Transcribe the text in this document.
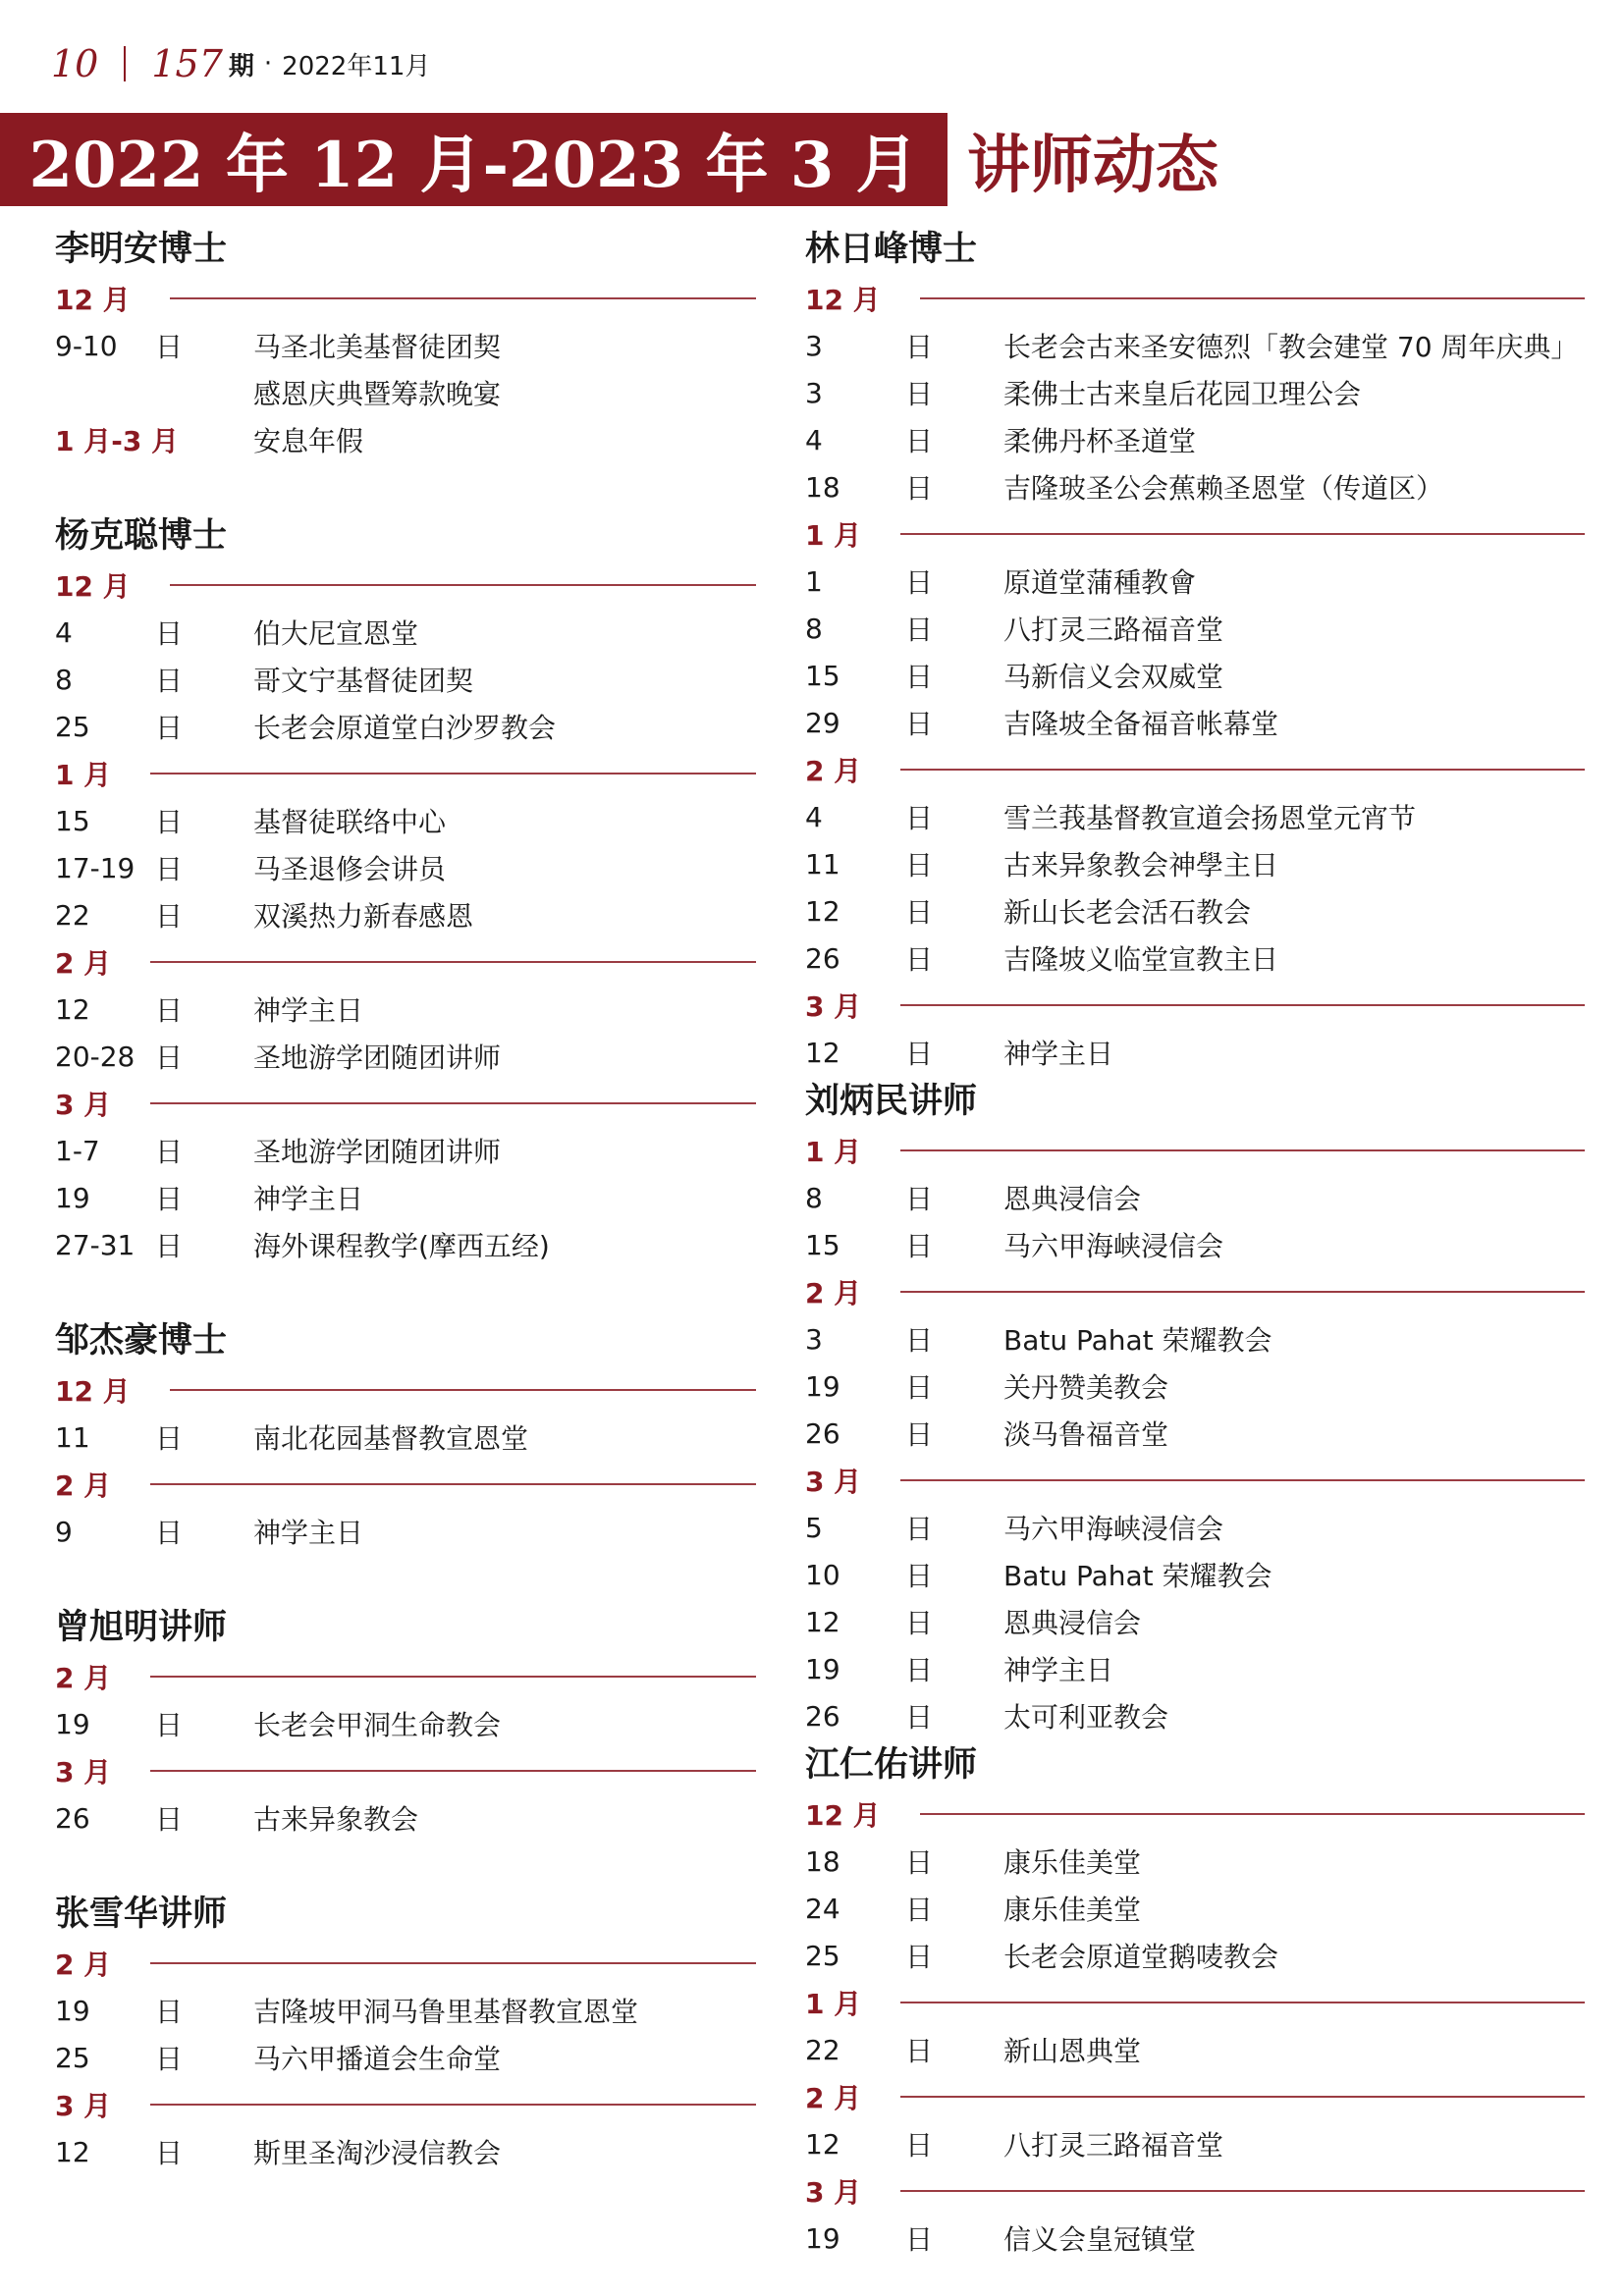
10 157 期 · 2022年11月
2022 年 12 月-2023 年 3 月 讲师动态
李明安博士
12 月
9-10	日	马圣北美基督徒团契
感恩庆典暨筹款晚宴
1 月-3 月	安息年假
杨克聪博士
12 月
4	日	伯大尼宣恩堂
8	日	哥文宁基督徒团契
25	日	长老会原道堂白沙罗教会
1 月
15	日	基督徒联络中心
17-19 日	马圣退修会讲员
22	日	双溪热力新春感恩
2 月
12	日	神学主日
20-28 日	圣地游学团随团讲师
3 月
1-7	日	圣地游学团随团讲师
19	日	神学主日
27-31 日	海外课程教学(摩西五经)
邹杰豪博士
12 月
11	日	南北花园基督教宣恩堂
2 月
9	日	神学主日
曾旭明讲师
2 月
19	日	长老会甲洞生命教会
3 月
26	日	古来异象教会
张雪华讲师
2 月
19	日	吉隆坡甲洞马鲁里基督教宣恩堂
25	日	马六甲播道会生命堂
3 月
12	日	斯里圣淘沙浸信教会
林日峰博士
12 月
3	日	长老会古来圣安德烈「教会建堂 70 周年庆典」
3	日	柔佛士古来皇后花园卫理公会
4	日	柔佛丹杯圣道堂
18	日	吉隆玻圣公会蕉赖圣恩堂（传道区）
1 月
1	日	原道堂蒲種教會
8	日	八打灵三路福音堂
15	日	马新信义会双威堂
29	日	吉隆坡全备福音帐幕堂
2 月
4	日	雪兰莪基督教宣道会扬恩堂元宵节
11	日	古来异象教会神學主日
12	日	新山长老会活石教会
26	日	吉隆坡义临堂宣教主日
3 月
12	日	神学主日
刘炳民讲师
1 月
8	日	恩典浸信会
15	日	马六甲海峡浸信会
2 月
3	日	Batu Pahat 荣耀教会
19	日	关丹赞美教会
26	日	淡马鲁福音堂
3 月
5	日	马六甲海峡浸信会
10	日	Batu Pahat 荣耀教会
12	日	恩典浸信会
19	日	神学主日
26	日	太可利亚教会
江仁佑讲师
12 月
18	日	康乐佳美堂
24	日	康乐佳美堂
25	日	长老会原道堂鹅唛教会
1 月
22	日	新山恩典堂
2 月
12	日	八打灵三路福音堂
3 月
19	日	信义会皇冠镇堂
